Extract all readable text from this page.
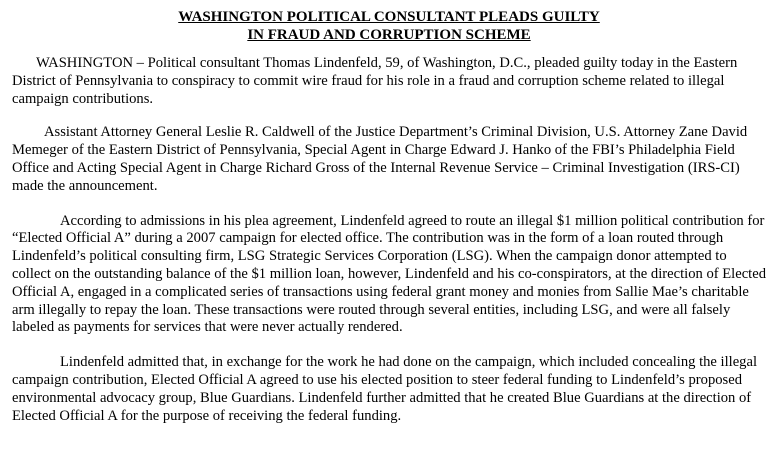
WASHINGTON POLITICAL CONSULTANT PLEADS GUILTY
IN FRAUD AND CORRUPTION SCHEME

WASHINGTON – Political consultant Thomas Lindenfeld, 59, of Washington, D.C., pleaded guilty today in the Eastern District of Pennsylvania to conspiracy to commit wire fraud for his role in a fraud and corruption scheme related to illegal campaign contributions.

Assistant Attorney General Leslie R. Caldwell of the Justice Department’s Criminal Division, U.S. Attorney Zane David Memeger of the Eastern District of Pennsylvania, Special Agent in Charge Edward J. Hanko of the FBI’s Philadelphia Field Office and Acting Special Agent in Charge Richard Gross of the Internal Revenue Service – Criminal Investigation (IRS-CI) made the announcement.

According to admissions in his plea agreement, Lindenfeld agreed to route an illegal $1 million political contribution for “Elected Official A” during a 2007 campaign for elected office. The contribution was in the form of a loan routed through Lindenfeld’s political consulting firm, LSG Strategic Services Corporation (LSG). When the campaign donor attempted to collect on the outstanding balance of the $1 million loan, however, Lindenfeld and his co-conspirators, at the direction of Elected Official A, engaged in a complicated series of transactions using federal grant money and monies from Sallie Mae’s charitable arm illegally to repay the loan. These transactions were routed through several entities, including LSG, and were all falsely labeled as payments for services that were never actually rendered.

Lindenfeld admitted that, in exchange for the work he had done on the campaign, which included concealing the illegal campaign contribution, Elected Official A agreed to use his elected position to steer federal funding to Lindenfeld’s proposed environmental advocacy group, Blue Guardians. Lindenfeld further admitted that he created Blue Guardians at the direction of Elected Official A for the purpose of receiving the federal funding.
